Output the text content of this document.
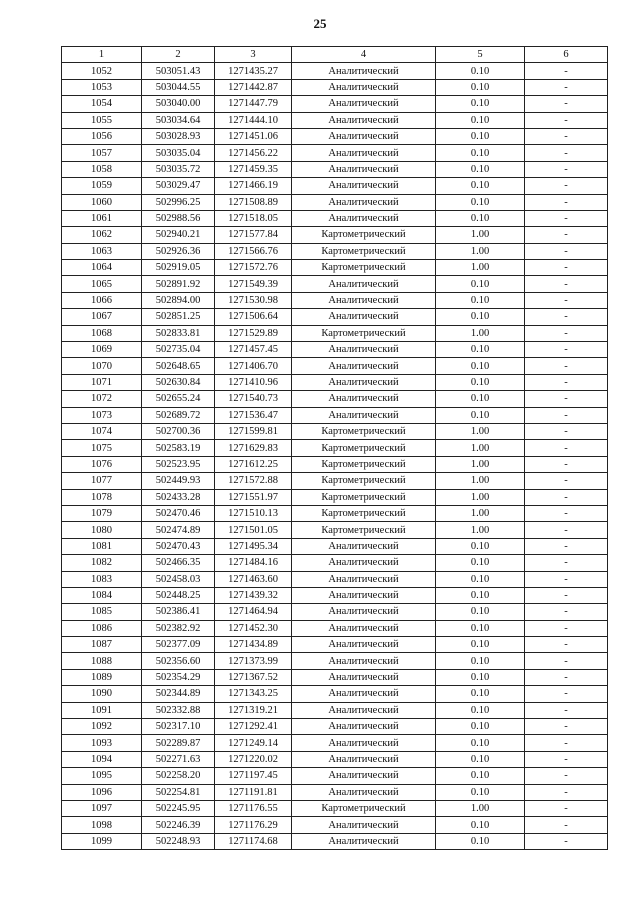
25
1	2	3	4	5	6
1052	503051.43	1271435.27	Аналитический	0.10	-
1053	503044.55	1271442.87	Аналитический	0.10	-
1054	503040.00	1271447.79	Аналитический	0.10	-
1055	503034.64	1271444.10	Аналитический	0.10	-
1056	503028.93	1271451.06	Аналитический	0.10	-
1057	503035.04	1271456.22	Аналитический	0.10	-
1058	503035.72	1271459.35	Аналитический	0.10	-
1059	503029.47	1271466.19	Аналитический	0.10	-
1060	502996.25	1271508.89	Аналитический	0.10	-
1061	502988.56	1271518.05	Аналитический	0.10	-
1062	502940.21	1271577.84	Картометрический	1.00	-
1063	502926.36	1271566.76	Картометрический	1.00	-
1064	502919.05	1271572.76	Картометрический	1.00	-
1065	502891.92	1271549.39	Аналитический	0.10	-
1066	502894.00	1271530.98	Аналитический	0.10	-
1067	502851.25	1271506.64	Аналитический	0.10	-
1068	502833.81	1271529.89	Картометрический	1.00	-
1069	502735.04	1271457.45	Аналитический	0.10	-
1070	502648.65	1271406.70	Аналитический	0.10	-
1071	502630.84	1271410.96	Аналитический	0.10	-
1072	502655.24	1271540.73	Аналитический	0.10	-
1073	502689.72	1271536.47	Аналитический	0.10	-
1074	502700.36	1271599.81	Картометрический	1.00	-
1075	502583.19	1271629.83	Картометрический	1.00	-
1076	502523.95	1271612.25	Картометрический	1.00	-
1077	502449.93	1271572.88	Картометрический	1.00	-
1078	502433.28	1271551.97	Картометрический	1.00	-
1079	502470.46	1271510.13	Картометрический	1.00	-
1080	502474.89	1271501.05	Картометрический	1.00	-
1081	502470.43	1271495.34	Аналитический	0.10	-
1082	502466.35	1271484.16	Аналитический	0.10	-
1083	502458.03	1271463.60	Аналитический	0.10	-
1084	502448.25	1271439.32	Аналитический	0.10	-
1085	502386.41	1271464.94	Аналитический	0.10	-
1086	502382.92	1271452.30	Аналитический	0.10	-
1087	502377.09	1271434.89	Аналитический	0.10	-
1088	502356.60	1271373.99	Аналитический	0.10	-
1089	502354.29	1271367.52	Аналитический	0.10	-
1090	502344.89	1271343.25	Аналитический	0.10	-
1091	502332.88	1271319.21	Аналитический	0.10	-
1092	502317.10	1271292.41	Аналитический	0.10	-
1093	502289.87	1271249.14	Аналитический	0.10	-
1094	502271.63	1271220.02	Аналитический	0.10	-
1095	502258.20	1271197.45	Аналитический	0.10	-
1096	502254.81	1271191.81	Аналитический	0.10	-
1097	502245.95	1271176.55	Картометрический	1.00	-
1098	502246.39	1271176.29	Аналитический	0.10	-
1099	502248.93	1271174.68	Аналитический	0.10	-
